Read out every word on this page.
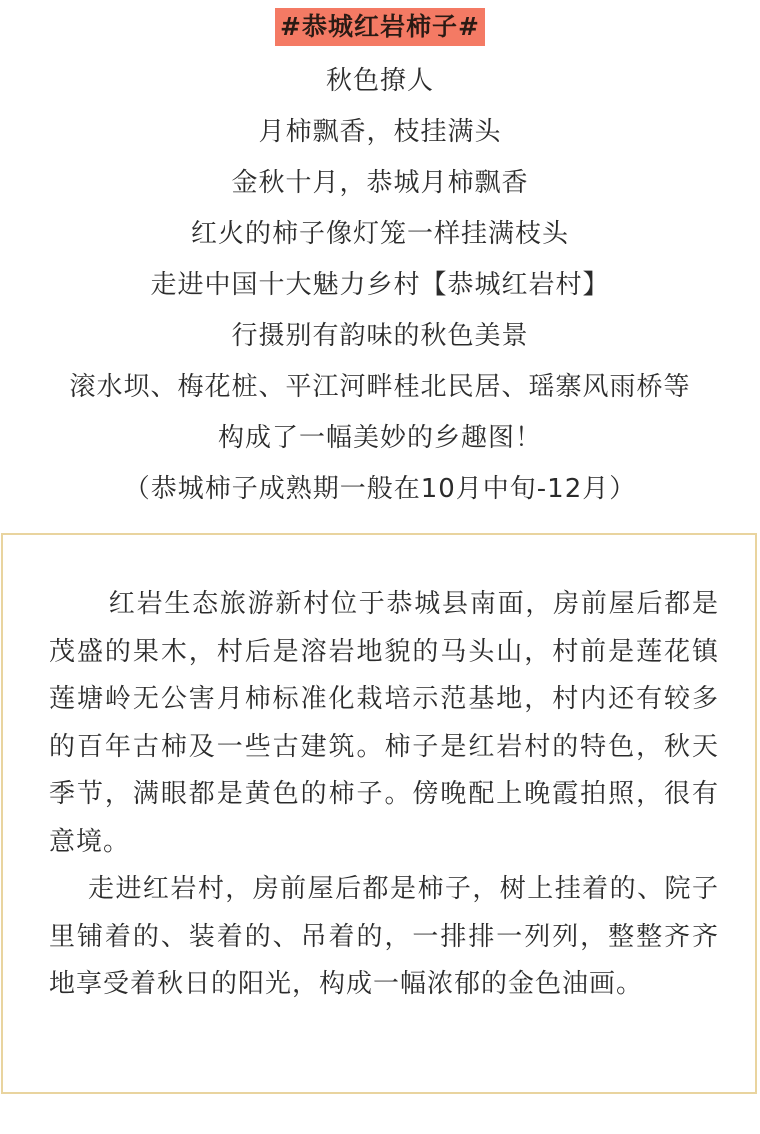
#恭城红岩柿子#
秋色撩人
月柿飘香，枝挂满头
金秋十月，恭城月柿飘香
红火的柿子像灯笼一样挂满枝头
走进中国十大魅力乡村【恭城红岩村】
行摄别有韵味的秋色美景
滚水坝、梅花桩、平江河畔桂北民居、瑶寨风雨桥等
构成了一幅美妙的乡趣图！
（恭城柿子成熟期一般在10月中旬-12月）

红岩生态旅游新村位于恭城县南面，房前屋后都是茂盛的果木，村后是溶岩地貌的马头山，村前是莲花镇莲塘岭无公害月柿标准化栽培示范基地，村内还有较多的百年古柿及一些古建筑。柿子是红岩村的特色，秋天季节，满眼都是黄色的柿子。傍晚配上晚霞拍照，很有意境。

走进红岩村，房前屋后都是柿子，树上挂着的、院子里铺着的、装着的、吊着的，一排排一列列，整整齐齐地享受着秋日的阳光，构成一幅浓郁的金色油画。
